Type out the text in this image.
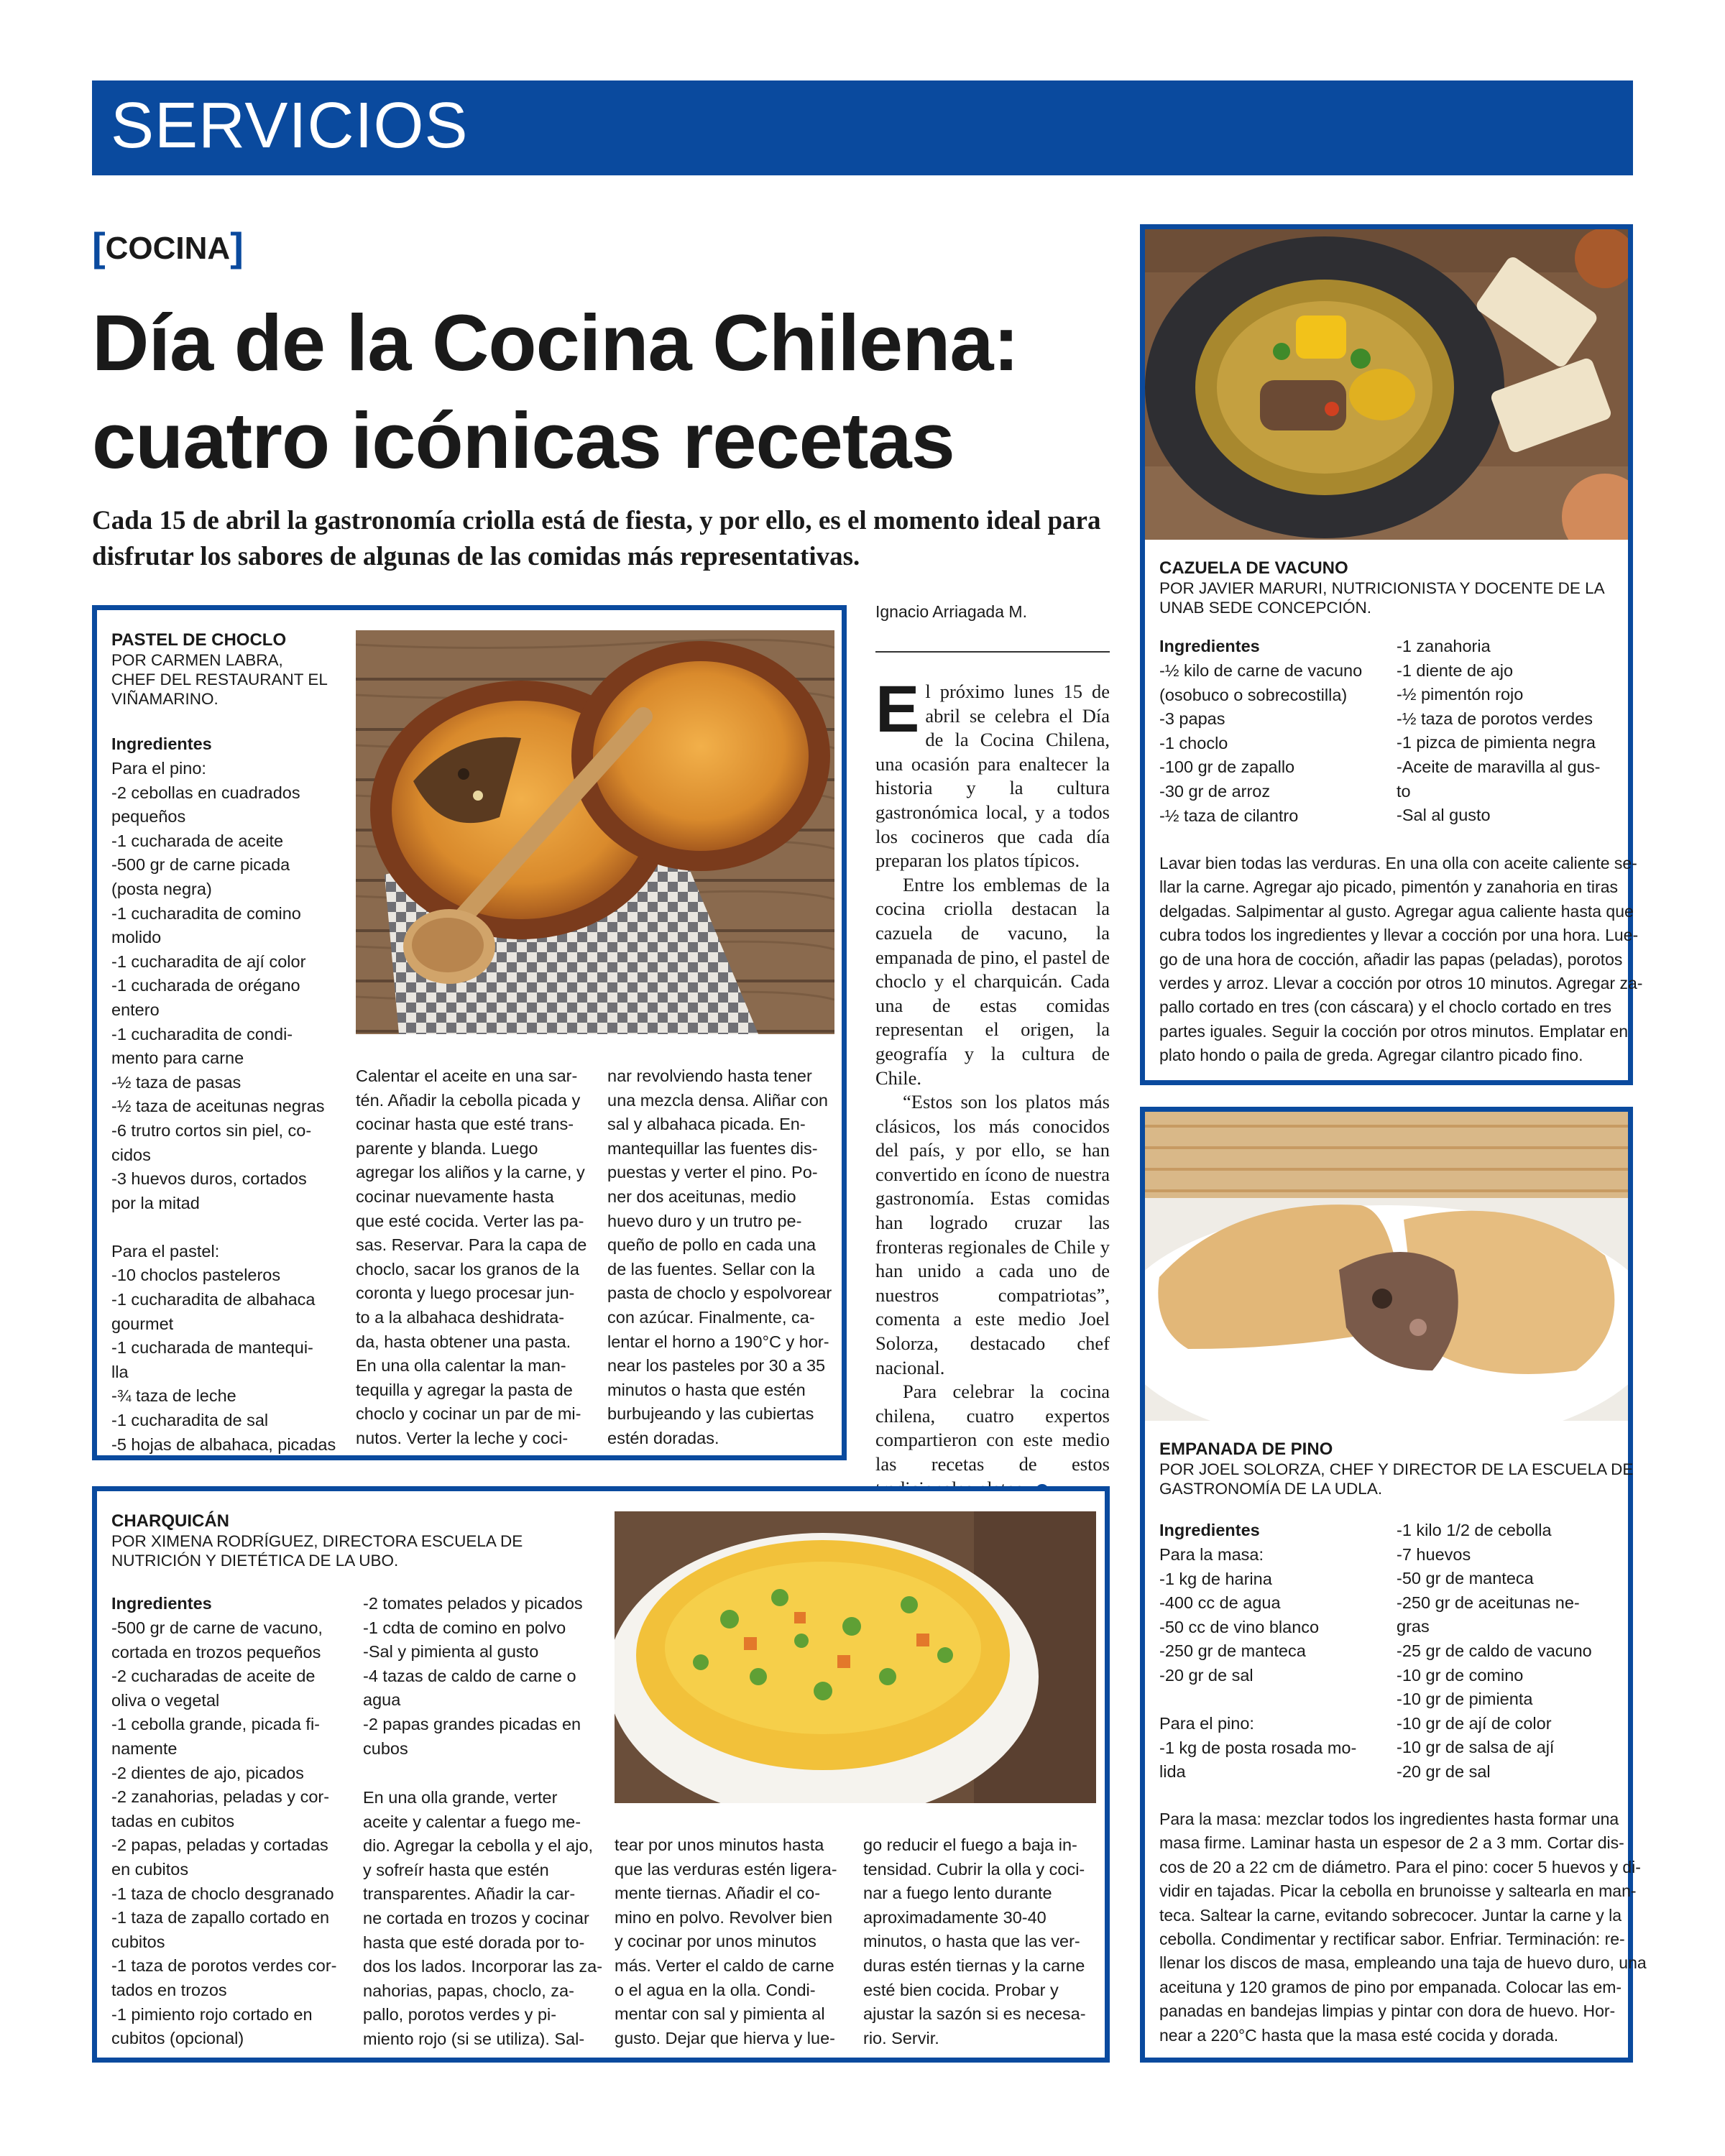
SERVICIOS
[COCINA]
Día de la Cocina Chilena:
cuatro icónicas recetas
Cada 15 de abril la gastronomía criolla está de fiesta, y por ello, es el momento ideal para disfrutar los sabores de algunas de las comidas más representativas.
Ignacio Arriagada M.

El próximo lunes 15 de abril se celebra el Día de la Cocina Chilena, una ocasión para enaltecer la historia y la cultura gastronómica local, y a todos los cocineros que cada día preparan los platos típicos.

Entre los emblemas de la cocina criolla destacan la cazuela de vacuno, la empanada de pino, el pastel de choclo y el charquicán. Cada una de estas comidas representan el origen, la geografía y la cultura de Chile.

“Estos son los platos más clásicos, los más conocidos del país, y por ello, se han convertido en ícono de nuestra gastronomía. Estas comidas han logrado cruzar las fronteras regionales de Chile y han unido a cada uno de nuestros compatriotas”, comenta a este medio Joel Solorza, destacado chef nacional.

Para celebrar la cocina chilena, cuatro expertos compartieron con este medio las recetas de estos

PASTEL DE CHOCLO
POR CARMEN LABRA,
CHEF DEL RESTAURANT EL
VIÑAMARINO.
Ingredientes
Para el pino:
-2 cebollas en cuadrados
pequeños
-1 cucharada de aceite
-500 gr de carne picada
(posta negra)
-1 cucharadita de comino
molido
-1 cucharadita de ají color
-1 cucharada de orégano
entero
-1 cucharadita de condi-
mento para carne
-½ taza de pasas
-½ taza de aceitunas negras
-6 trutro cortos sin piel, co-
cidos
-3 huevos duros, cortados
por la mitad

Para el pastel:
-10 choclos pasteleros
-1 cucharadita de albahaca
gourmet
-1 cucharada de mantequi-
lla
-¾ taza de leche
-1 cucharadita de sal
-5 hojas de albahaca, picadas
Calentar el aceite en una sar-
tén. Añadir la cebolla picada y
cocinar hasta que esté trans-
parente y blanda. Luego
agregar los aliños y la carne, y
cocinar nuevamente hasta
que esté cocida. Verter las pa-
sas. Reservar. Para la capa de
choclo, sacar los granos de la
coronta y luego procesar jun-
to a la albahaca deshidrata-
da, hasta obtener una pasta.
En una olla calentar la man-
tequilla y agregar la pasta de
choclo y cocinar un par de mi-
nutos. Verter la leche y coci-
nar revolviendo hasta tener
una mezcla densa. Aliñar con
sal y albahaca picada. En-
mantequillar las fuentes dis-
puestas y verter el pino. Po-
ner dos aceitunas, medio
huevo duro y un trutro pe-
queño de pollo en cada una
de las fuentes. Sellar con la
pasta de choclo y espolvorear
con azúcar. Finalmente, ca-
lentar el horno a 190°C y hor-
near los pasteles por 30 a 35
minutos o hasta que estén
burbujeando y las cubiertas
estén doradas.
CAZUELA DE VACUNO
POR JAVIER MARURI, NUTRICIONISTA Y DOCENTE DE LA
UNAB SEDE CONCEPCIÓN.
Ingredientes
-½ kilo de carne de vacuno
(osobuco o sobrecostilla)
-3 papas
-1 choclo
-100 gr de zapallo
-30 gr de arroz
-½ taza de cilantro
-1 zanahoria
-1 diente de ajo
-½ pimentón rojo
-½ taza de porotos verdes
-1 pizca de pimienta negra
-Aceite de maravilla al gus-
to
-Sal al gusto
Lavar bien todas las verduras. En una olla con aceite caliente se-
llar la carne. Agregar ajo picado, pimentón y zanahoria en tiras
delgadas. Salpimentar al gusto. Agregar agua caliente hasta que
cubra todos los ingredientes y llevar a cocción por una hora. Lue-
go de una hora de cocción, añadir las papas (peladas), porotos
verdes y arroz. Llevar a cocción por otros 10 minutos. Agregar za-
pallo cortado en tres (con cáscara) y el choclo cortado en tres
partes iguales. Seguir la cocción por otros minutos. Emplatar en
plato hondo o paila de greda. Agregar cilantro picado fino.
EMPANADA DE PINO
POR JOEL SOLORZA, CHEF Y DIRECTOR DE LA ESCUELA DE
GASTRONOMÍA DE LA UDLA.
Ingredientes
Para la masa:
-1 kg de harina
-400 cc de agua
-50 cc de vino blanco
-250 gr de manteca
-20 gr de sal

Para el pino:
-1 kg de posta rosada mo-
lida
-1 kilo 1/2 de cebolla
-7 huevos
-50 gr de manteca
-250 gr de aceitunas ne-
gras
-25 gr de caldo de vacuno
-10 gr de comino
-10 gr de pimienta
-10 gr de ají de color
-10 gr de salsa de ají
-20 gr de sal
Para la masa: mezclar todos los ingredientes hasta formar una
masa firme. Laminar hasta un espesor de 2 a 3 mm. Cortar dis-
cos de 20 a 22 cm de diámetro. Para el pino: cocer 5 huevos y di-
vidir en tajadas. Picar la cebolla en brunoisse y saltearla en man-
teca. Saltear la carne, evitando sobrecocer. Juntar la carne y la
cebolla. Condimentar y rectificar sabor. Enfriar. Terminación: re-
llenar los discos de masa, empleando una taja de huevo duro, una
aceituna y 120 gramos de pino por empanada. Colocar las em-
panadas en bandejas limpias y pintar con dora de huevo. Hor-
near a 220°C hasta que la masa esté cocida y dorada.
CHARQUICÁN
POR XIMENA RODRÍGUEZ, DIRECTORA ESCUELA DE
NUTRICIÓN Y DIETÉTICA DE LA UBO.
Ingredientes
-500 gr de carne de vacuno,
cortada en trozos pequeños
-2 cucharadas de aceite de
oliva o vegetal
-1 cebolla grande, picada fi-
namente
-2 dientes de ajo, picados
-2 zanahorias, peladas y cor-
tadas en cubitos
-2 papas, peladas y cortadas
en cubitos
-1 taza de choclo desgranado
-1 taza de zapallo cortado en
cubitos
-1 taza de porotos verdes cor-
tados en trozos
-1 pimiento rojo cortado en
cubitos (opcional)
-2 tomates pelados y picados
-1 cdta de comino en polvo
-Sal y pimienta al gusto
-4 tazas de caldo de carne o
agua
-2 papas grandes picadas en
cubos
En una olla grande, verter
aceite y calentar a fuego me-
dio. Agregar la cebolla y el ajo,
y sofreír hasta que estén
transparentes. Añadir la car-
ne cortada en trozos y cocinar
hasta que esté dorada por to-
dos los lados. Incorporar las za-
nahorias, papas, choclo, za-
pallo, porotos verdes y pi-
miento rojo (si se utiliza). Sal-
tear por unos minutos hasta
que las verduras estén ligera-
mente tiernas. Añadir el co-
mino en polvo. Revolver bien
y cocinar por unos minutos
más. Verter el caldo de carne
o el agua en la olla. Condi-
mentar con sal y pimienta al
gusto. Dejar que hierva y lue-
go reducir el fuego a baja in-
tensidad. Cubrir la olla y coci-
nar a fuego lento durante
aproximadamente 30-40
minutos, o hasta que las ver-
duras estén tiernas y la carne
esté bien cocida. Probar y
ajustar la sazón si es necesa-
rio. Servir.
